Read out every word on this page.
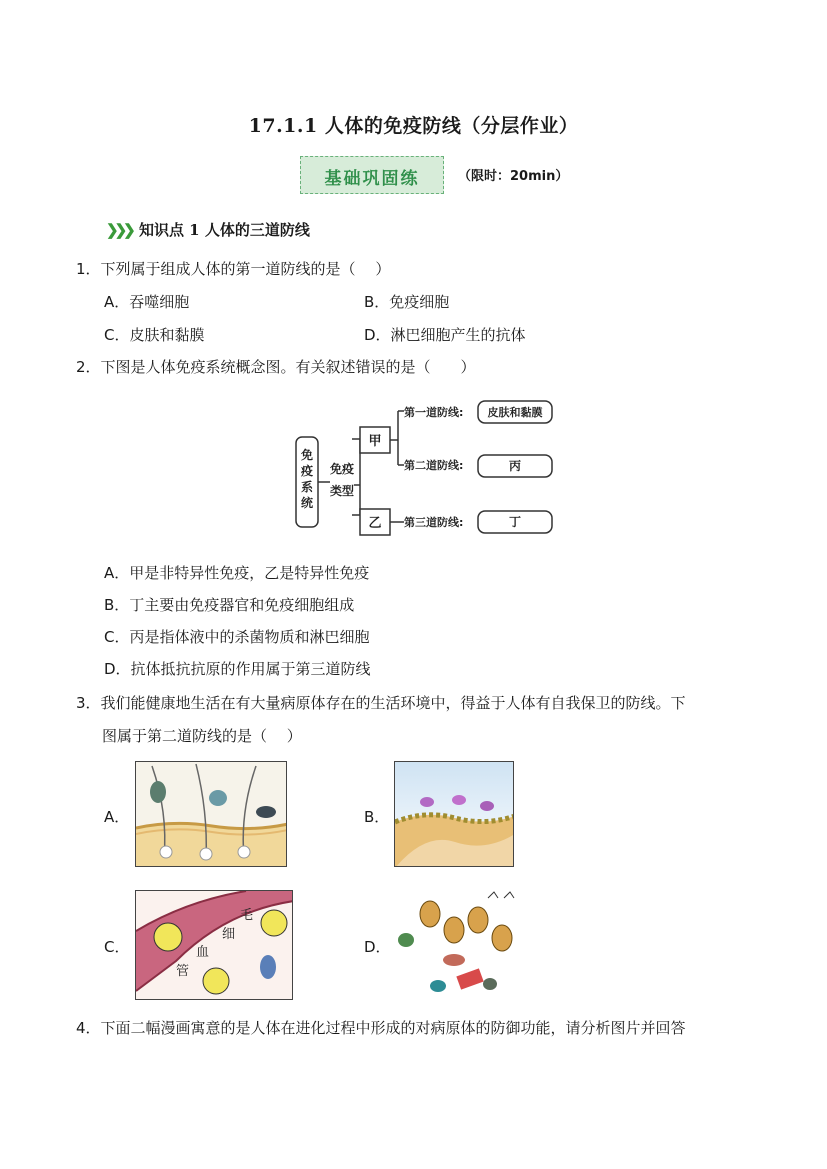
17.1.1 人体的免疫防线（分层作业）
基础巩固练	（限时：20min）
❯❯❯ 知识点 1 人体的三道防线
1．下列属于组成人体的第一道防线的是（　 ）
A．吞噬细胞	B．免疫细胞
C．皮肤和黏膜	D．淋巴细胞产生的抗体
2．下图是人体免疫系统概念图。有关叙述错误的是（　　）
免
疫
系
统
免疫
类型
甲
乙
第一道防线:
第二道防线:
第三道防线:
皮肤和黏膜
丙
丁
A．甲是非特异性免疫，乙是特异性免疫
B．丁主要由免疫器官和免疫细胞组成
C．丙是指体液中的杀菌物质和淋巴细胞
D．抗体抵抗抗原的作用属于第三道防线
3．我们能健康地生活在有大量病原体存在的生活环境中，得益于人体有自我保卫的防线。下
图属于第二道防线的是（　 ）
A．	B．
C．	D．
毛
细
血
管
4．下面二幅漫画寓意的是人体在进化过程中形成的对病原体的防御功能，请分析图片并回答
